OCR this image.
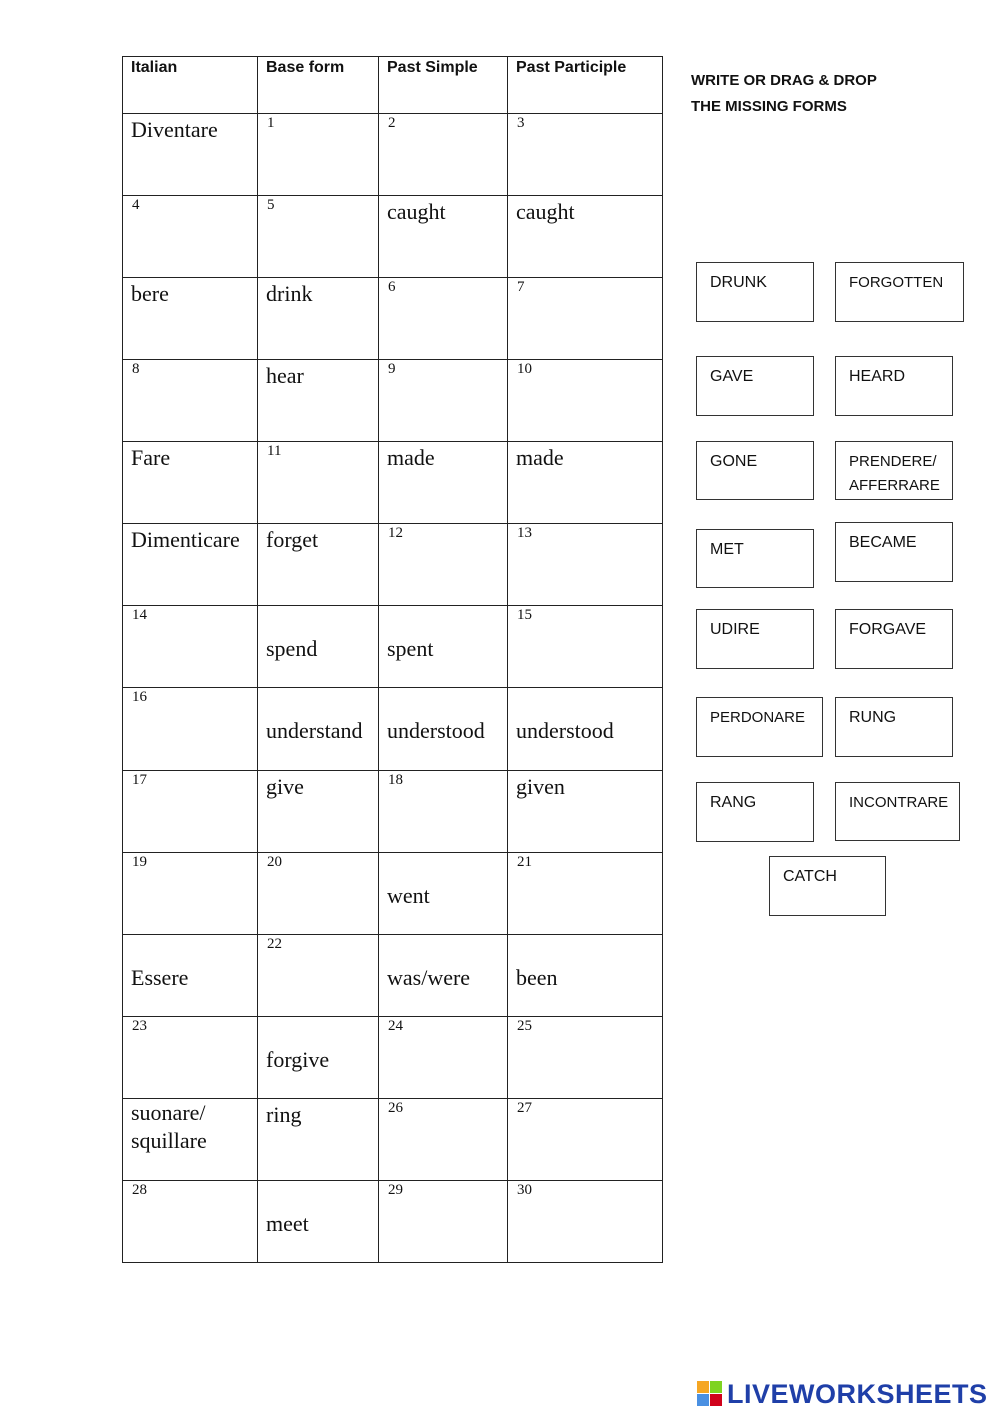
WRITE OR DRAG & DROP
THE MISSING FORMS
Italian	Base form	Past Simple	Past Participle

Diventare	1	2	3

4	5	caught	caught

bere	drink	6	7

8	hear	9	10

Fare	11	made	made

Dimenticare	forget	12	13

14	spend	spent	15

16	understand	understood	understood

17	give	18	given

19	20	went	21

Essere	22	was/were	been

23	forgive	24	25

suonare/
squillare	ring	26	27

28	meet	29	30
DRUNK	FORGOTTEN
GAVE	HEARD
GONE	PRENDERE/
AFFERRARE
MET	BECAME
UDIRE	FORGAVE
PERDONARE	RUNG
RANG	INCONTRARE
CATCH
LIVEWORKSHEETS
